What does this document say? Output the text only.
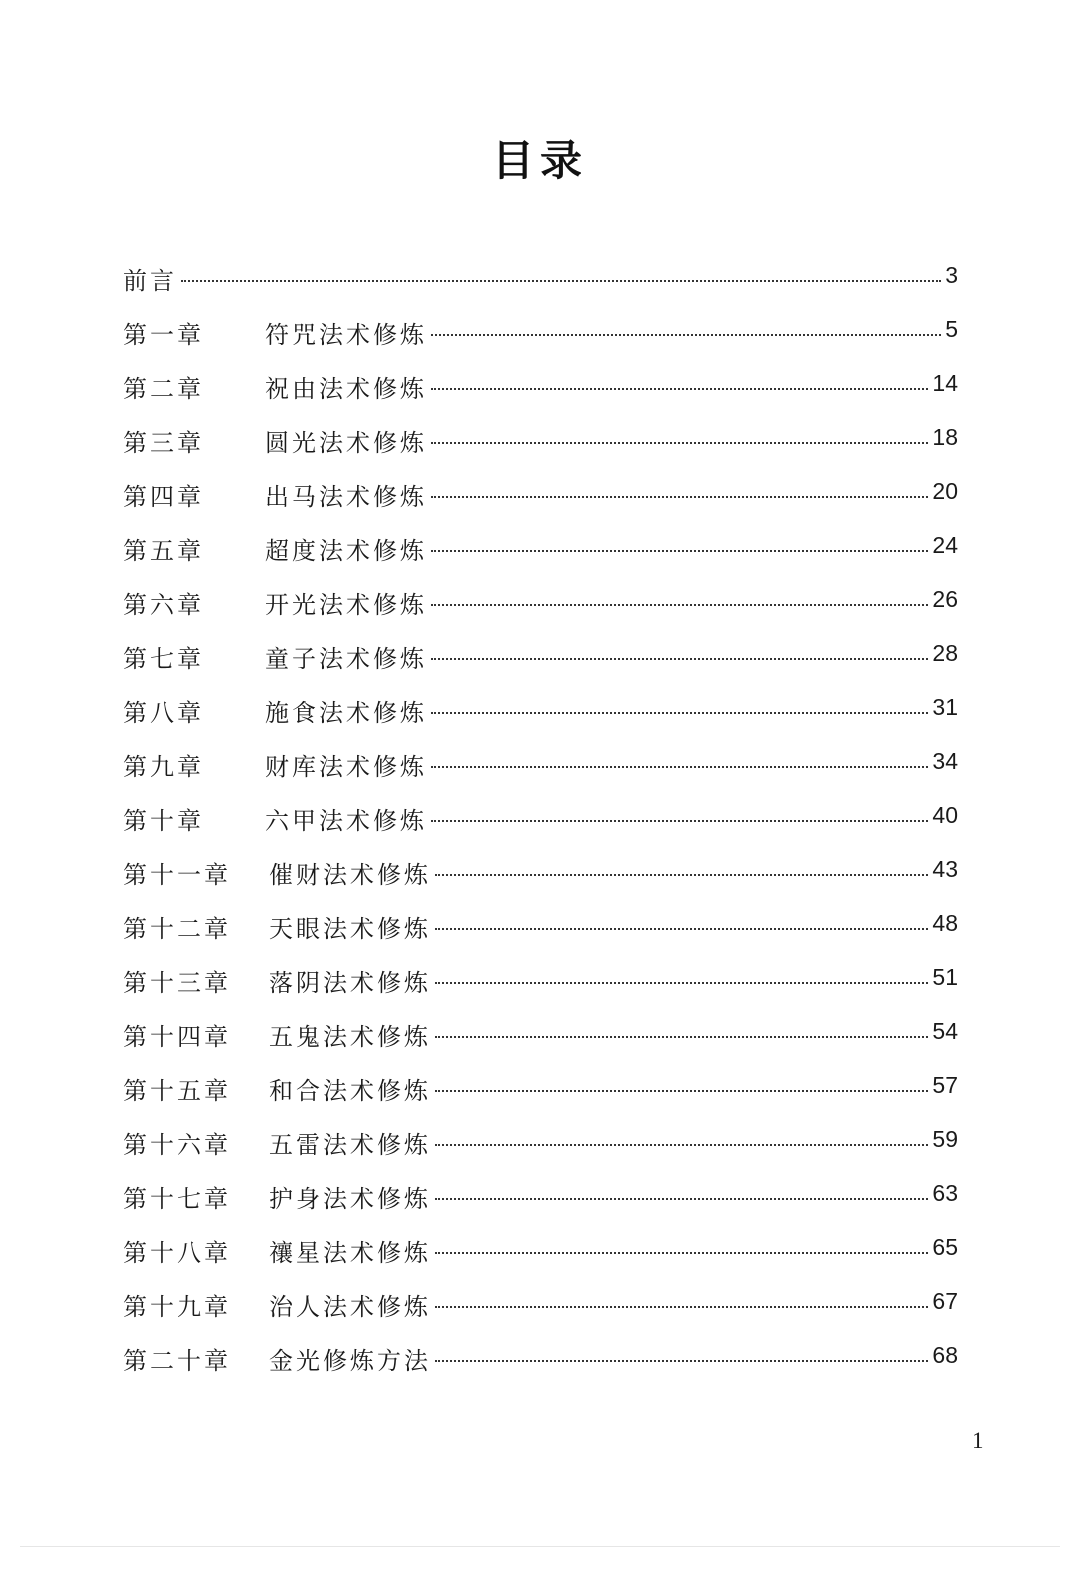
目录
前言	3
第一章	符咒法术修炼	5
第二章	祝由法术修炼	14
第三章	圆光法术修炼	18
第四章	出马法术修炼	20
第五章	超度法术修炼	24
第六章	开光法术修炼	26
第七章	童子法术修炼	28
第八章	施食法术修炼	31
第九章	财库法术修炼	34
第十章	六甲法术修炼	40
第十一章	催财法术修炼	43
第十二章	天眼法术修炼	48
第十三章	落阴法术修炼	51
第十四章	五鬼法术修炼	54
第十五章	和合法术修炼	57
第十六章	五雷法术修炼	59
第十七章	护身法术修炼	63
第十八章	禳星法术修炼	65
第十九章	治人法术修炼	67
第二十章	金光修炼方法	68
1
